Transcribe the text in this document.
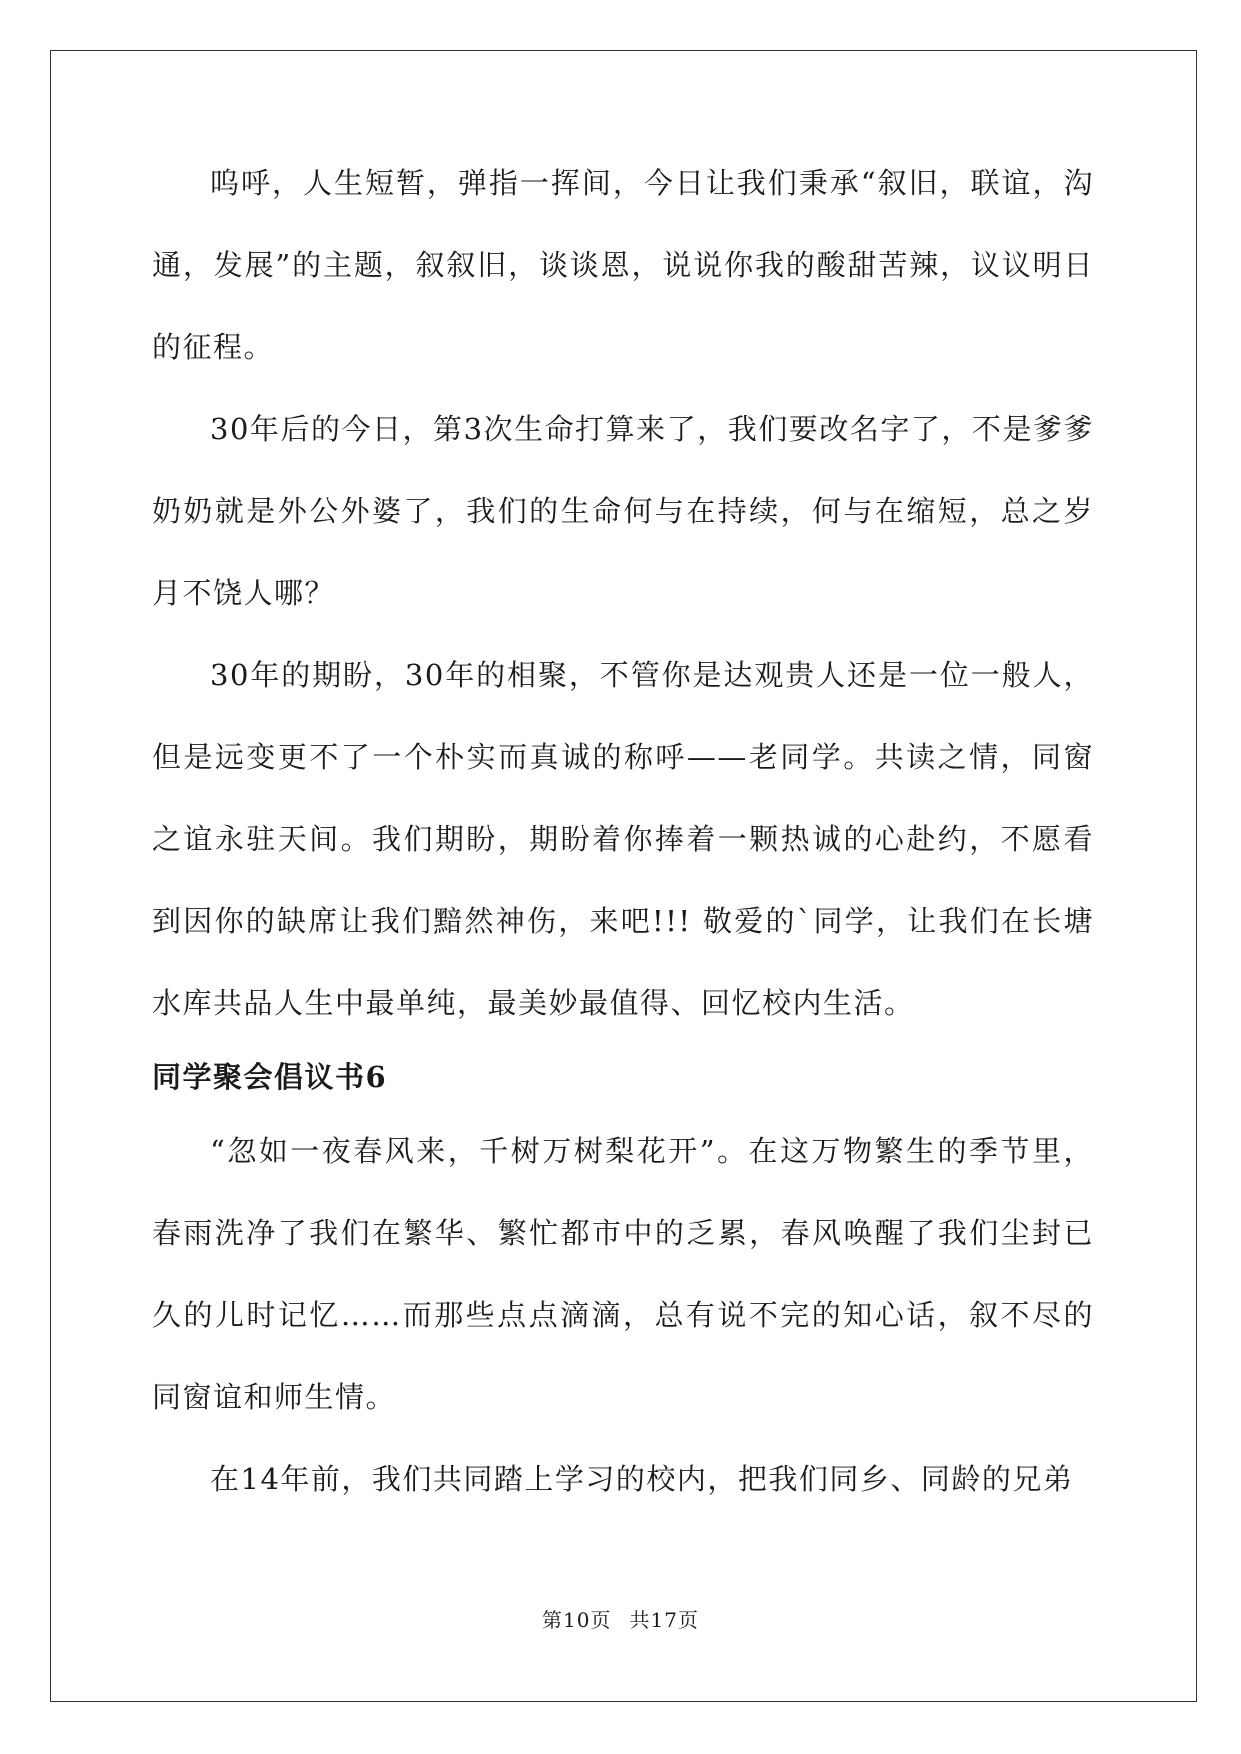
呜呼，人生短暂，弹指一挥间，今日让我们秉承“叙旧，联谊，沟通，发展”的主题，叙叙旧，谈谈恩，说说你我的酸甜苦辣，议议明日的征程。

30年后的今日，第3次生命打算来了，我们要改名字了，不是爹爹奶奶就是外公外婆了，我们的生命何与在持续，何与在缩短，总之岁月不饶人哪？

30年的期盼，30年的相聚，不管你是达观贵人还是一位一般人，但是远变更不了一个朴实而真诚的称呼——老同学。共读之情，同窗之谊永驻天间。我们期盼，期盼着你捧着一颗热诚的心赴约，不愿看到因你的缺席让我们黯然神伤，来吧!!! 敬爱的`同学，让我们在长塘水库共品人生中最单纯，最美妙最值得、回忆校内生活。

同学聚会倡议书6

“忽如一夜春风来，千树万树梨花开”。在这万物繁生的季节里，春雨洗净了我们在繁华、繁忙都市中的乏累，春风唤醒了我们尘封已久的儿时记忆……而那些点点滴滴，总有说不完的知心话，叙不尽的同窗谊和师生情。

在14年前，我们共同踏上学习的校内，把我们同乡、同龄的兄弟

第10页 共17页
